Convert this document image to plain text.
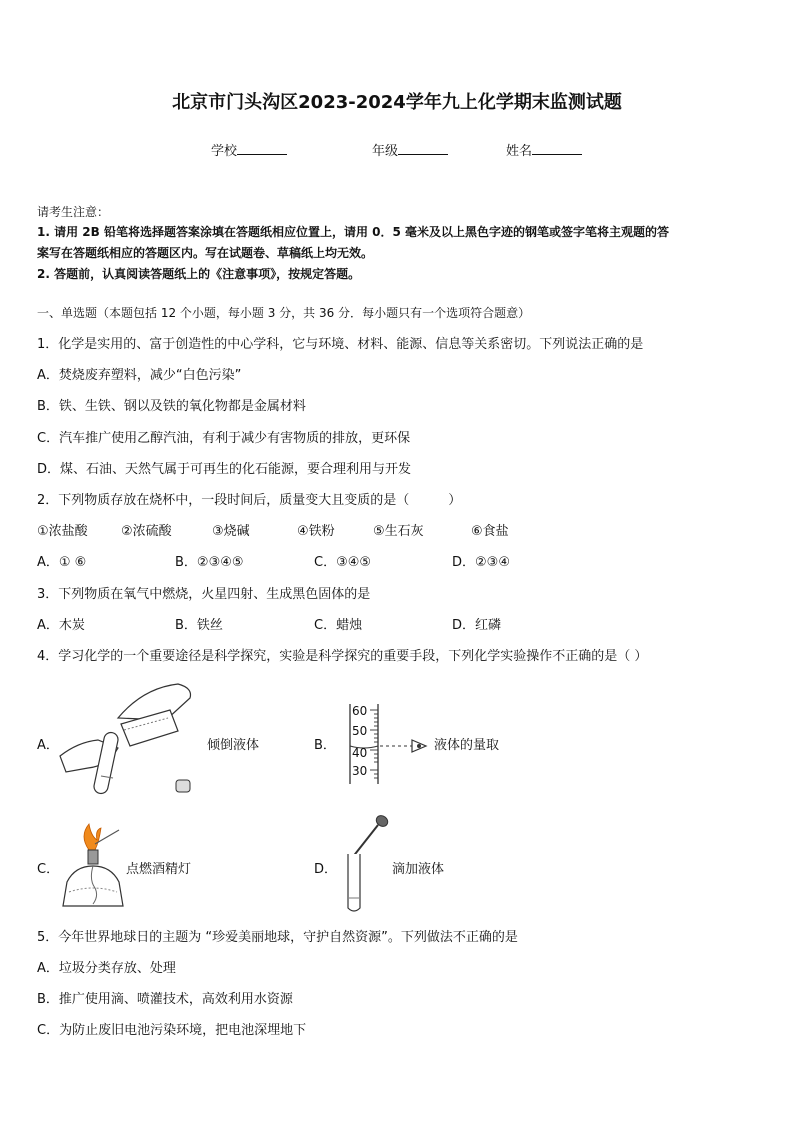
北京市门头沟区2023-2024学年九上化学期末监测试题
学校	年级	姓名
请考生注意：
1. 请用 2B 铅笔将选择题答案涂填在答题纸相应位置上，请用 0．5 毫米及以上黑色字迹的钢笔或签字笔将主观题的答
案写在答题纸相应的答题区内。写在试题卷、草稿纸上均无效。
2. 答题前，认真阅读答题纸上的《注意事项》，按规定答题。
一、单选题（本题包括 12 个小题，每小题 3 分，共 36 分．每小题只有一个选项符合题意）
1．化学是实用的、富于创造性的中心学科，它与环境、材料、能源、信息等关系密切。下列说法正确的是
A．焚烧废弃塑料，减少“白色污染”
B．铁、生铁、钢以及铁的氧化物都是金属材料
C．汽车推广使用乙醇汽油，有利于减少有害物质的排放，更环保
D．煤、石油、天然气属于可再生的化石能源，要合理利用与开发
2．下列物质存放在烧杯中，一段时间后，质量变大且变质的是（　　　）
①浓盐酸	②浓硫酸	③烧碱	④铁粉	⑤生石灰	⑥食盐
A．① ⑥	B．②③④⑤	C．③④⑤	D．②③④
3．下列物质在氧气中燃烧，火星四射、生成黑色固体的是
A．木炭	B．铁丝	C．蜡烛	D．红磷
4．学习化学的一个重要途径是科学探究，实验是科学探究的重要手段，下列化学实验操作不正确的是（ ）
A．	倾倒液体	B．
60
50
40
30
液体的量取
C．	点燃酒精灯	D．	滴加液体
5．今年世界地球日的主题为 “珍爱美丽地球，守护自然资源”。下列做法不正确的是
A．垃圾分类存放、处理
B．推广使用滴、喷灌技术，高效利用水资源
C．为防止废旧电池污染环境，把电池深埋地下
